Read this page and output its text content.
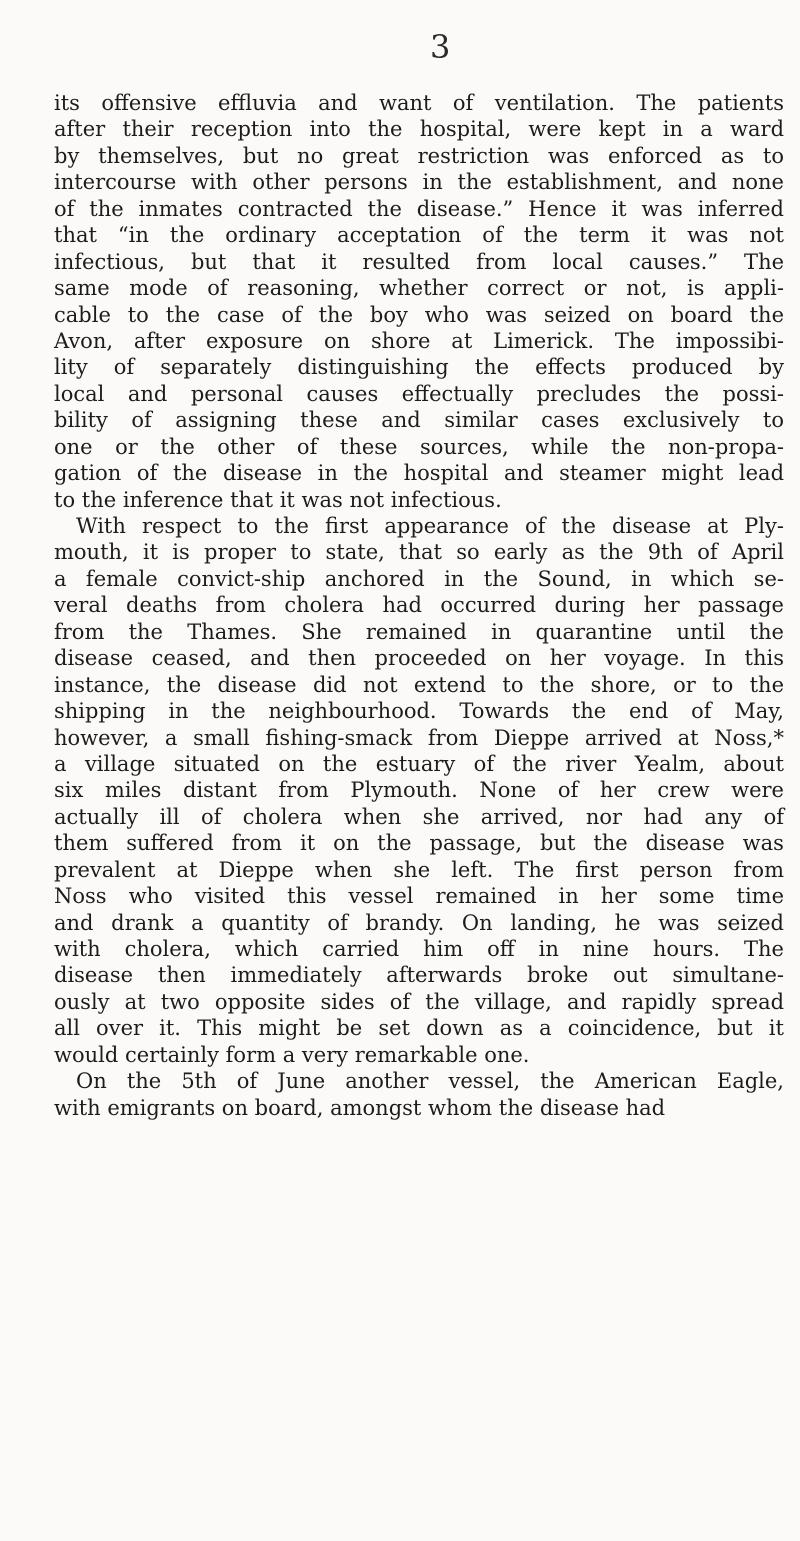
3
its offensive effluvia and want of ventilation. The patients
after their reception into the hospital, were kept in a ward
by themselves, but no great restriction was enforced as to
intercourse with other persons in the establishment, and none
of the inmates contracted the disease.” Hence it was inferred
that “in the ordinary acceptation of the term it was not
infectious, but that it resulted from local causes.” The
same mode of reasoning, whether correct or not, is appli-
cable to the case of the boy who was seized on board the
Avon, after exposure on shore at Limerick. The impossibi-
lity of separately distinguishing the effects produced by
local and personal causes effectually precludes the possi-
bility of assigning these and similar cases exclusively to
one or the other of these sources, while the non-propa-
gation of the disease in the hospital and steamer might lead
to the inference that it was not infectious.
With respect to the first appearance of the disease at Ply-
mouth, it is proper to state, that so early as the 9th of April
a female convict-ship anchored in the Sound, in which se-
veral deaths from cholera had occurred during her passage
from the Thames. She remained in quarantine until the
disease ceased, and then proceeded on her voyage. In this
instance, the disease did not extend to the shore, or to the
shipping in the neighbourhood. Towards the end of May,
however, a small fishing-smack from Dieppe arrived at Noss,*
a village situated on the estuary of the river Yealm, about
six miles distant from Plymouth. None of her crew were
actually ill of cholera when she arrived, nor had any of
them suffered from it on the passage, but the disease was
prevalent at Dieppe when she left. The first person from
Noss who visited this vessel remained in her some time
and drank a quantity of brandy. On landing, he was seized
with cholera, which carried him off in nine hours. The
disease then immediately afterwards broke out simultane-
ously at two opposite sides of the village, and rapidly spread
all over it. This might be set down as a coincidence, but it
would certainly form a very remarkable one.
On the 5th of June another vessel, the American Eagle,
with emigrants on board, amongst whom the disease had
